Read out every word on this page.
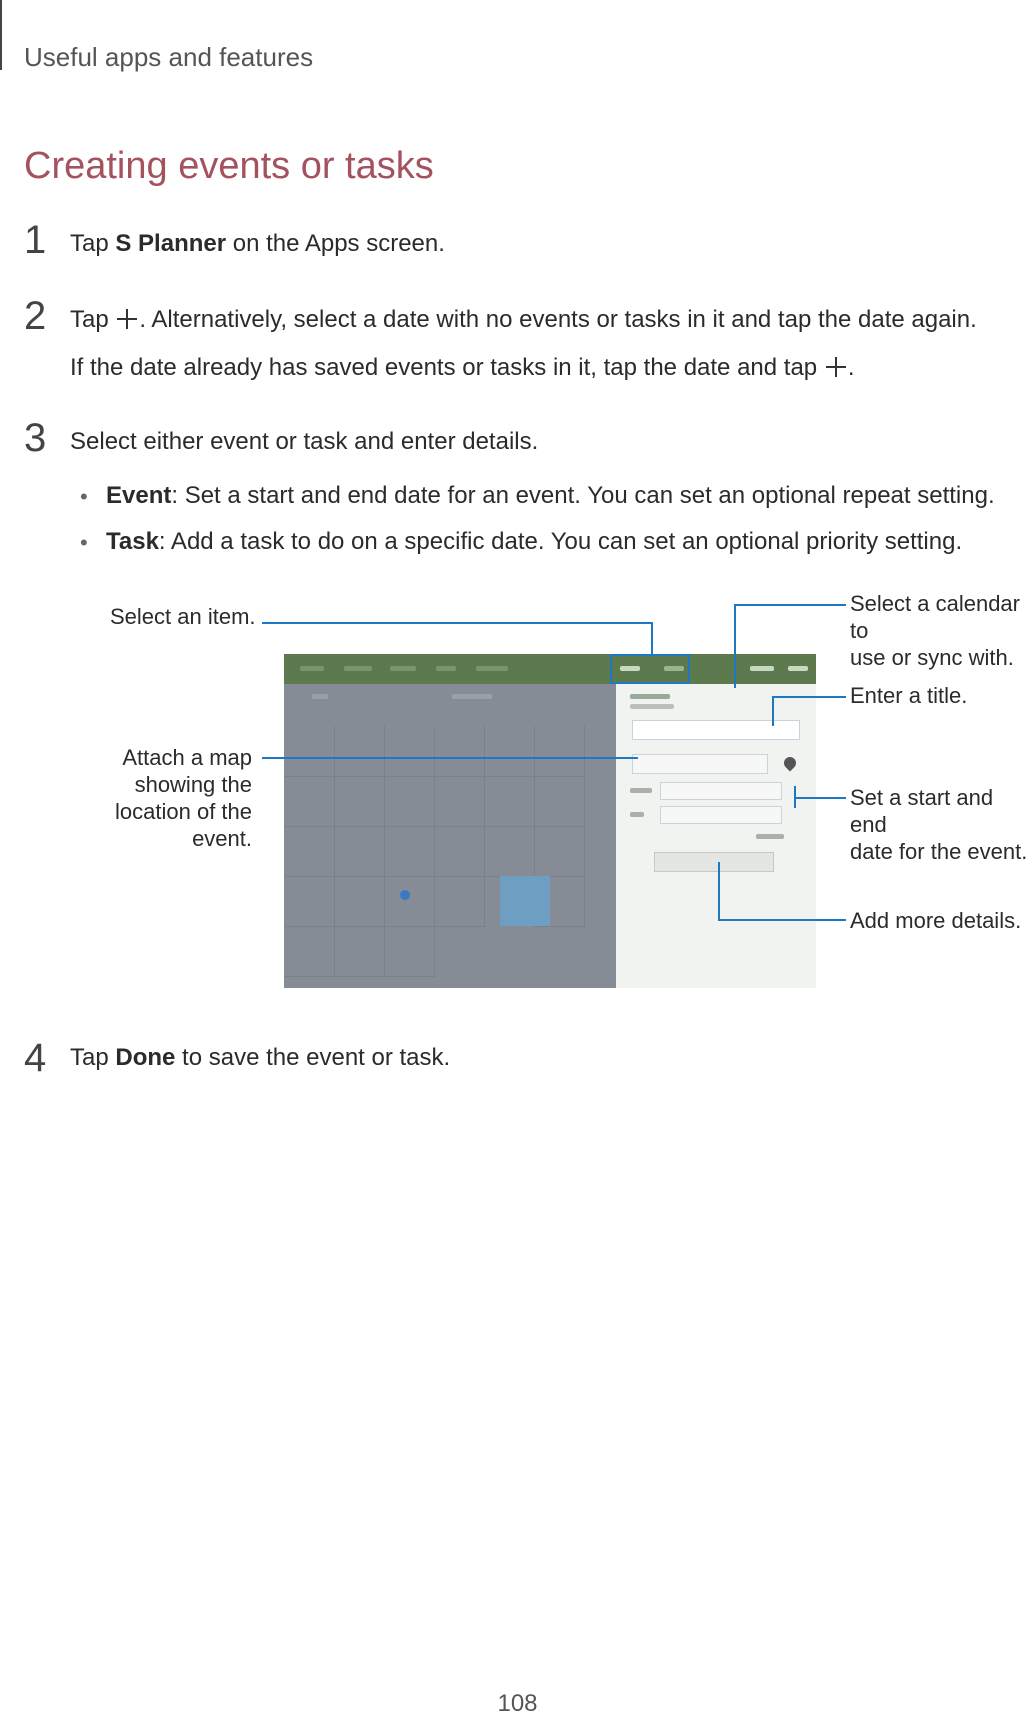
Useful apps and features
Creating events or tasks
1 Tap S Planner on the Apps screen.
2 Tap . Alternatively, select a date with no events or tasks in it and tap the date again.
If the date already has saved events or tasks in it, tap the date and tap .
3 Select either event or task and enter details.
• Event: Set a start and end date for an event. You can set an optional repeat setting.
• Task: Add a task to do on a specific date. You can set an optional priority setting.
Select an item.
Select a calendar to
use or sync with.
Enter a title.
Attach a map
showing the
location of the
event.
Set a start and end
date for the event.
Add more details.
4 Tap Done to save the event or task.
108
